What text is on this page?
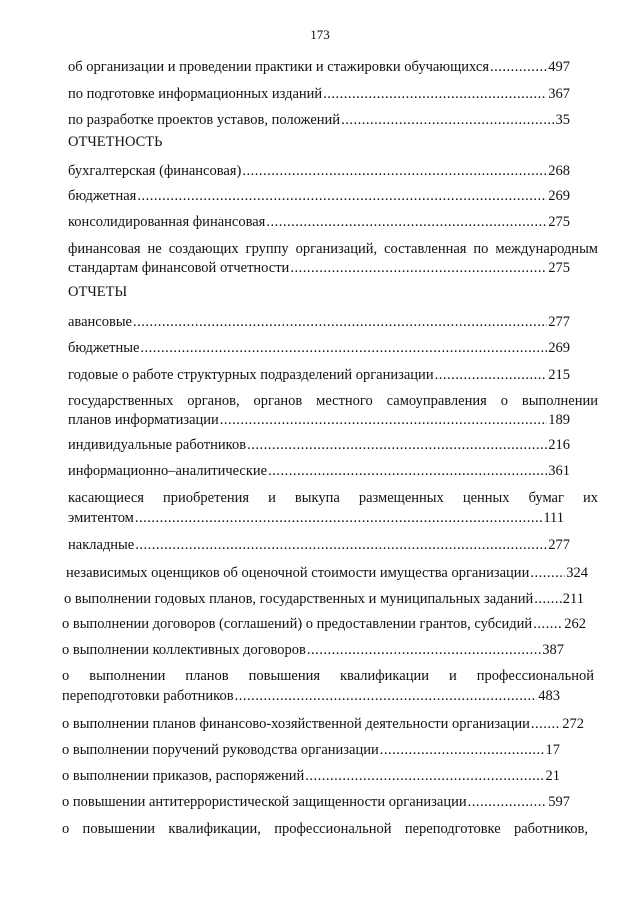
173
об организации и проведении практики и стажировки обучающихся .....	497
по подготовке информационных изданий .....	367
по разработке проектов уставов, положений .....	35
ОТЧЕТНОСТЬ
бухгалтерская (финансовая) .....	268
бюджетная .....	269
консолидированная финансовая .....	275
финансовая не создающих группу организаций, составленная по международным
стандартам финансовой отчетности .....	275
ОТЧЕТЫ
авансовые .....	277
бюджетные .....	269
годовые о работе структурных подразделений организации .....	215
государственных органов, органов местного самоуправления о выполнении
планов информатизации .....	189
индивидуальные работников .....	216
информационно–аналитические .....	361
касающиеся приобретения и выкупа размещенных ценных бумаг их
эмитентом .....	111
накладные .....	277
независимых оценщиков об оценочной стоимости имущества организации .....	324
о выполнении годовых планов, государственных и муниципальных заданий ..... 211
о выполнении договоров (соглашений) о предоставлении грантов, субсидий ..... 262
о выполнении коллективных договоров .....	387
о выполнении планов повышения квалификации и профессиональной
переподготовки работников .....	483
о выполнении планов финансово-хозяйственной деятельности организации ..... 272
о выполнении поручений руководства организации .....	17
о выполнении приказов, распоряжений .....	21
о повышении антитеррористической защищенности организации .....	597
о повышении квалификации, профессиональной переподготовке работников,
